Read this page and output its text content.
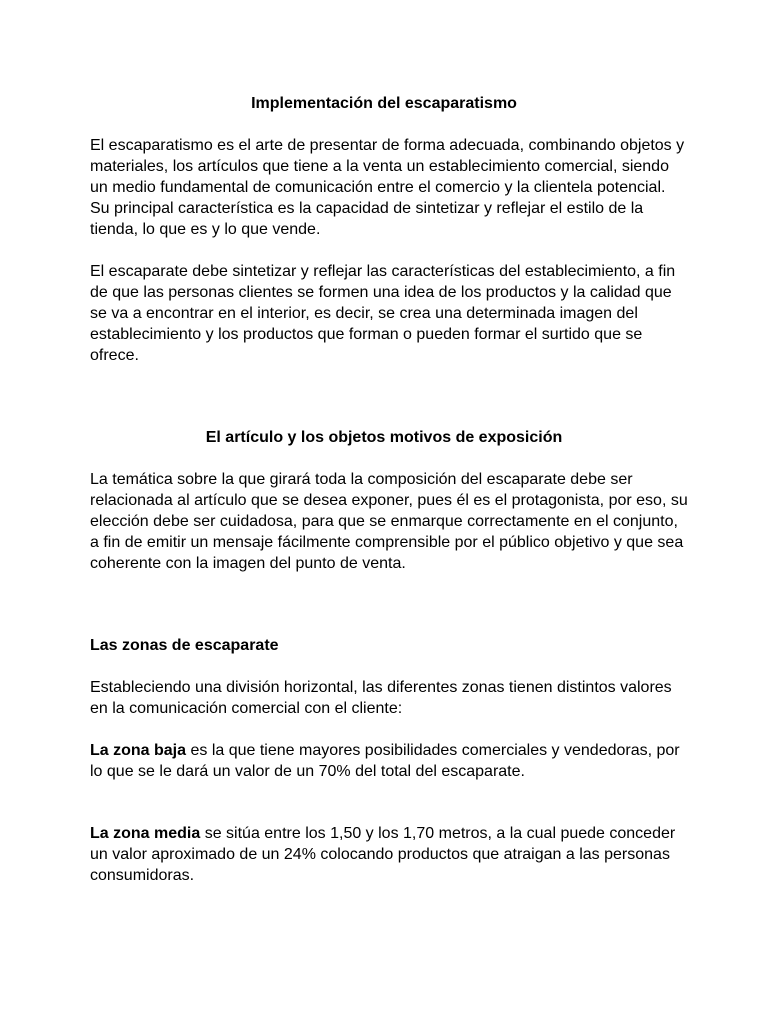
Implementación del escaparatismo

El escaparatismo es el arte de presentar de forma adecuada, combinando objetos y materiales, los artículos que tiene a la venta un establecimiento comercial, siendo un medio fundamental de comunicación entre el comercio y la clientela potencial. Su principal característica es la capacidad de sintetizar y reflejar el estilo de la tienda, lo que es y lo que vende.

El escaparate debe sintetizar y reflejar las características del establecimiento, a fin de que las personas clientes se formen una idea de los productos y la calidad que se va a encontrar en el interior, es decir, se crea una determinada imagen del establecimiento y los productos que forman o pueden formar el surtido que se ofrece.

El artículo y los objetos motivos de exposición

La temática sobre la que girará toda la composición del escaparate debe ser relacionada al artículo que se desea exponer, pues él es el protagonista, por eso, su elección debe ser cuidadosa, para que se enmarque correctamente en el conjunto, a fin de emitir un mensaje fácilmente comprensible por el público objetivo y que sea coherente con la imagen del punto de venta.

Las zonas de escaparate

Estableciendo una división horizontal, las diferentes zonas tienen distintos valores en la comunicación comercial con el cliente:

La zona baja es la que tiene mayores posibilidades comerciales y vendedoras, por lo que se le dará un valor de un 70% del total del escaparate.

La zona media se sitúa entre los 1,50 y los 1,70 metros, a la cual puede conceder un valor aproximado de un 24% colocando productos que atraigan a las personas consumidoras.
